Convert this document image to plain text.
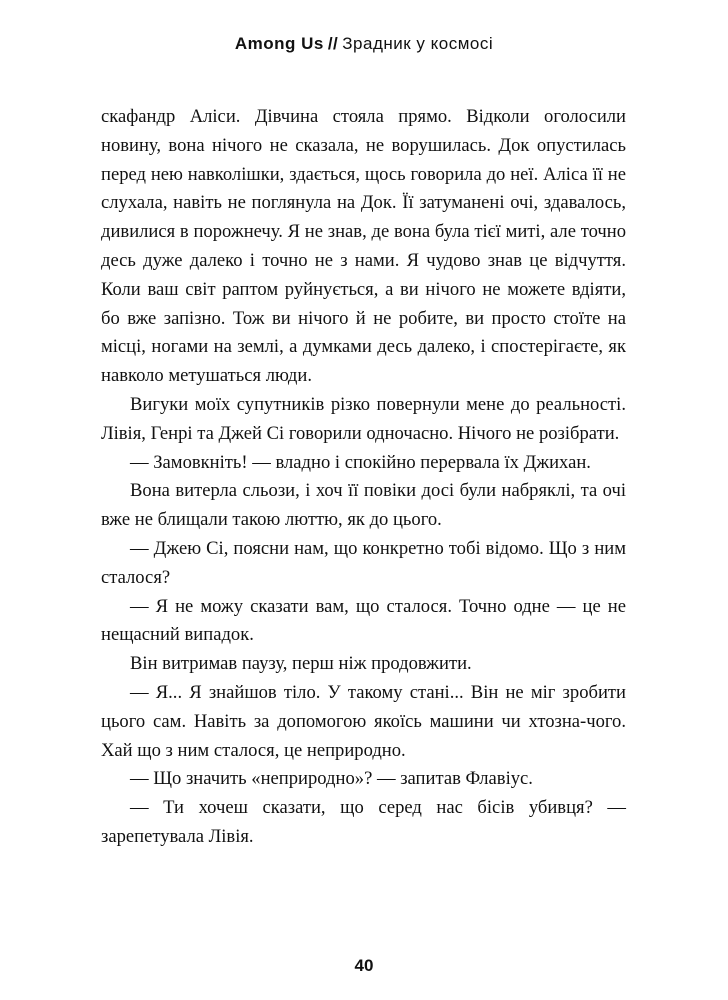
Among Us // Зрадник у космосі

скафандр Аліси. Дівчина стояла прямо. Відколи оголосили новину, вона нічого не сказала, не ворушилась. Док опустилась перед нею навколішки, здається, щось говорила до неї. Аліса її не слухала, навіть не поглянула на Док. Її затуманені очі, здавалось, дивилися в порожнечу. Я не знав, де вона була тієї миті, але точно десь дуже далеко і точно не з нами. Я чудово знав це відчуття. Коли ваш світ раптом руйнується, а ви нічого не можете вдіяти, бо вже запізно. Тож ви нічого й не робите, ви просто стоїте на місці, ногами на землі, а думками десь далеко, і спостерігаєте, як навколо метушаться люди.

Вигуки моїх супутників різко повернули мене до реальності. Лівія, Генрі та Джей Сі говорили одночасно. Нічого не розібрати.

— Замовкніть! — владно і спокійно перервала їх Джихан.

Вона витерла сльози, і хоч її повіки досі були набряклі, та очі вже не блищали такою люттю, як до цього.

— Джею Сі, поясни нам, що конкретно тобі відомо. Що з ним сталося?

— Я не можу сказати вам, що сталося. Точно одне — це не нещасний випадок.

Він витримав паузу, перш ніж продовжити.

— Я... Я знайшов тіло. У такому стані... Він не міг зробити цього сам. Навіть за допомогою якоїсь машини чи хтозна-чого. Хай що з ним сталося, це неприродно.

— Що значить «неприродно»? — запитав Флавіус.

— Ти хочеш сказати, що серед нас бісів убивця? — зарепетувала Лівія.

40
